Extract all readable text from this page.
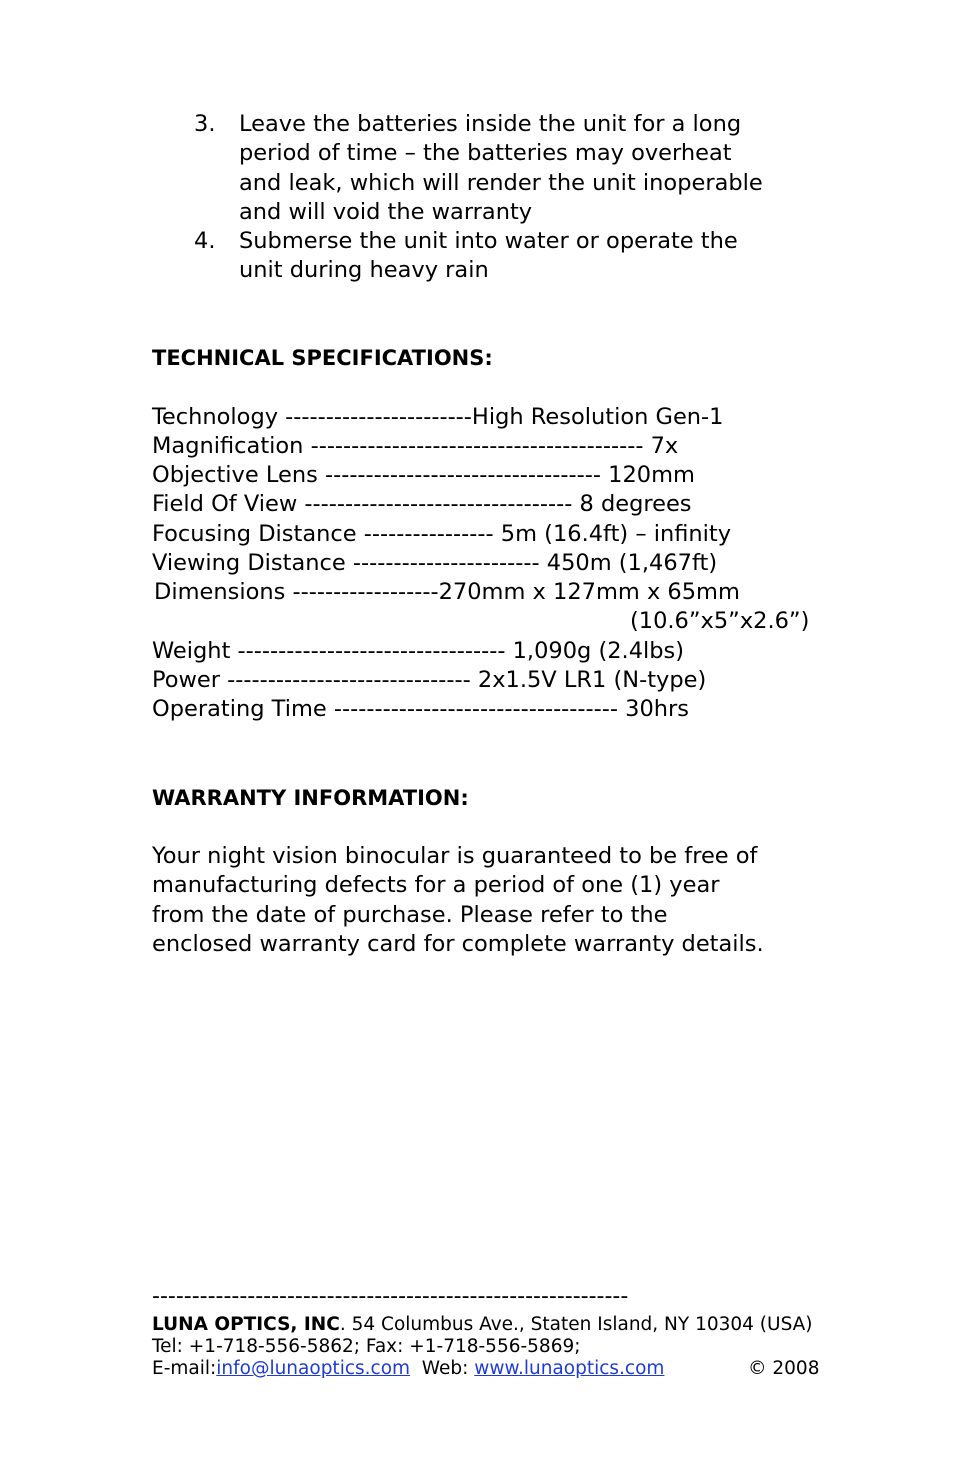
3. Leave the batteries inside the unit for a long
period of time – the batteries may overheat
and leak, which will render the unit inoperable
and will void the warranty
4. Submerse the unit into water or operate the
unit during heavy rain
TECHNICAL SPECIFICATIONS:
Technology -----------------------High Resolution Gen-1
Magnification ----------------------------------------- 7x
Objective Lens ---------------------------------- 120mm
Field Of View --------------------------------- 8 degrees
Focusing Distance ---------------- 5m (16.4ft) – infinity
Viewing Distance ----------------------- 450m (1,467ft)
Dimensions ------------------270mm x 127mm x 65mm
(10.6”x5”x2.6”)
Weight --------------------------------- 1,090g (2.4lbs)
Power ------------------------------ 2x1.5V LR1 (N-type)
Operating Time ----------------------------------- 30hrs
WARRANTY INFORMATION:

Your night vision binocular is guaranteed to be free of
manufacturing defects for a period of one (1) year
from the date of purchase. Please refer to the
enclosed warranty card for complete warranty details.

------------------------------------------------------------
LUNA OPTICS, INC. 54 Columbus Ave., Staten Island, NY 10304 (USA)
Tel: +1-718-556-5862; Fax: +1-718-556-5869;
E-mail:info@lunaoptics.com  Web: www.lunaoptics.com	© 2008
